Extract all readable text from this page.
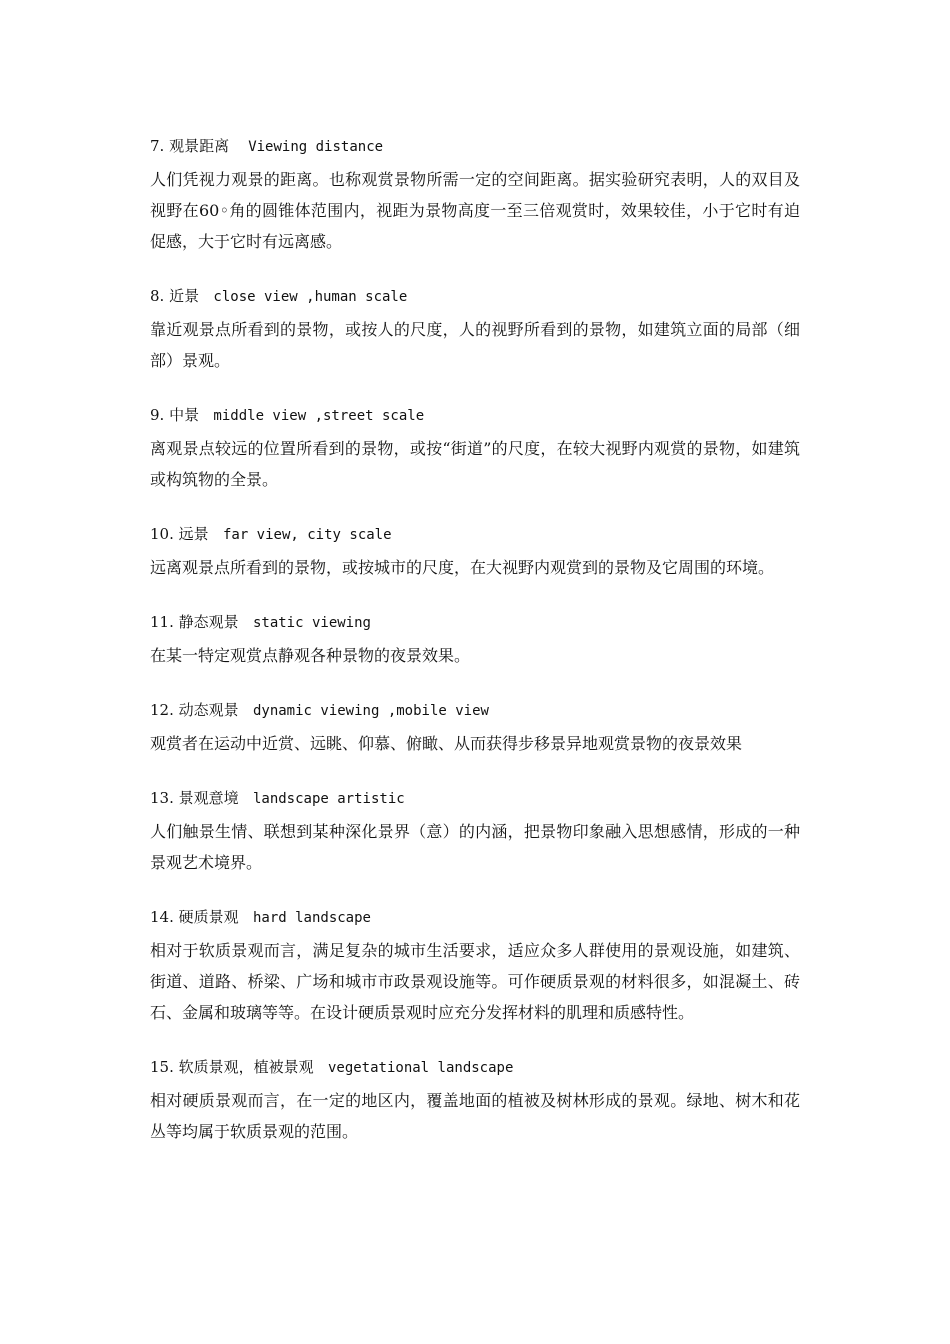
7. 观景距离 Viewing distance

人们凭视力观景的距离。也称观赏景物所需一定的空间距离。据实验研究表明，人的双目及视野在60◦角的圆锥体范围内，视距为景物高度一至三倍观赏时，效果较佳，小于它时有迫促感，大于它时有远离感。

8. 近景 close view ,human scale

靠近观景点所看到的景物，或按人的尺度，人的视野所看到的景物，如建筑立面的局部（细部）景观。

9. 中景 middle view ,street scale

离观景点较远的位置所看到的景物，或按“街道”的尺度，在较大视野内观赏的景物，如建筑或构筑物的全景。

10. 远景 far view, city scale

远离观景点所看到的景物，或按城市的尺度，在大视野内观赏到的景物及它周围的环境。

11. 静态观景 static viewing

在某一特定观赏点静观各种景物的夜景效果。

12. 动态观景 dynamic viewing ,mobile view

观赏者在运动中近赏、远眺、仰慕、俯瞰、从而获得步移景异地观赏景物的夜景效果

13. 景观意境 landscape artistic

人们触景生情、联想到某种深化景界（意）的内涵，把景物印象融入思想感情，形成的一种景观艺术境界。

14. 硬质景观 hard landscape

相对于软质景观而言，满足复杂的城市生活要求，适应众多人群使用的景观设施，如建筑、街道、道路、桥梁、广场和城市市政景观设施等。可作硬质景观的材料很多，如混凝土、砖石、金属和玻璃等等。在设计硬质景观时应充分发挥材料的肌理和质感特性。

15. 软质景观，植被景观 vegetational landscape

相对硬质景观而言，在一定的地区内，覆盖地面的植被及树林形成的景观。绿地、树木和花丛等均属于软质景观的范围。
